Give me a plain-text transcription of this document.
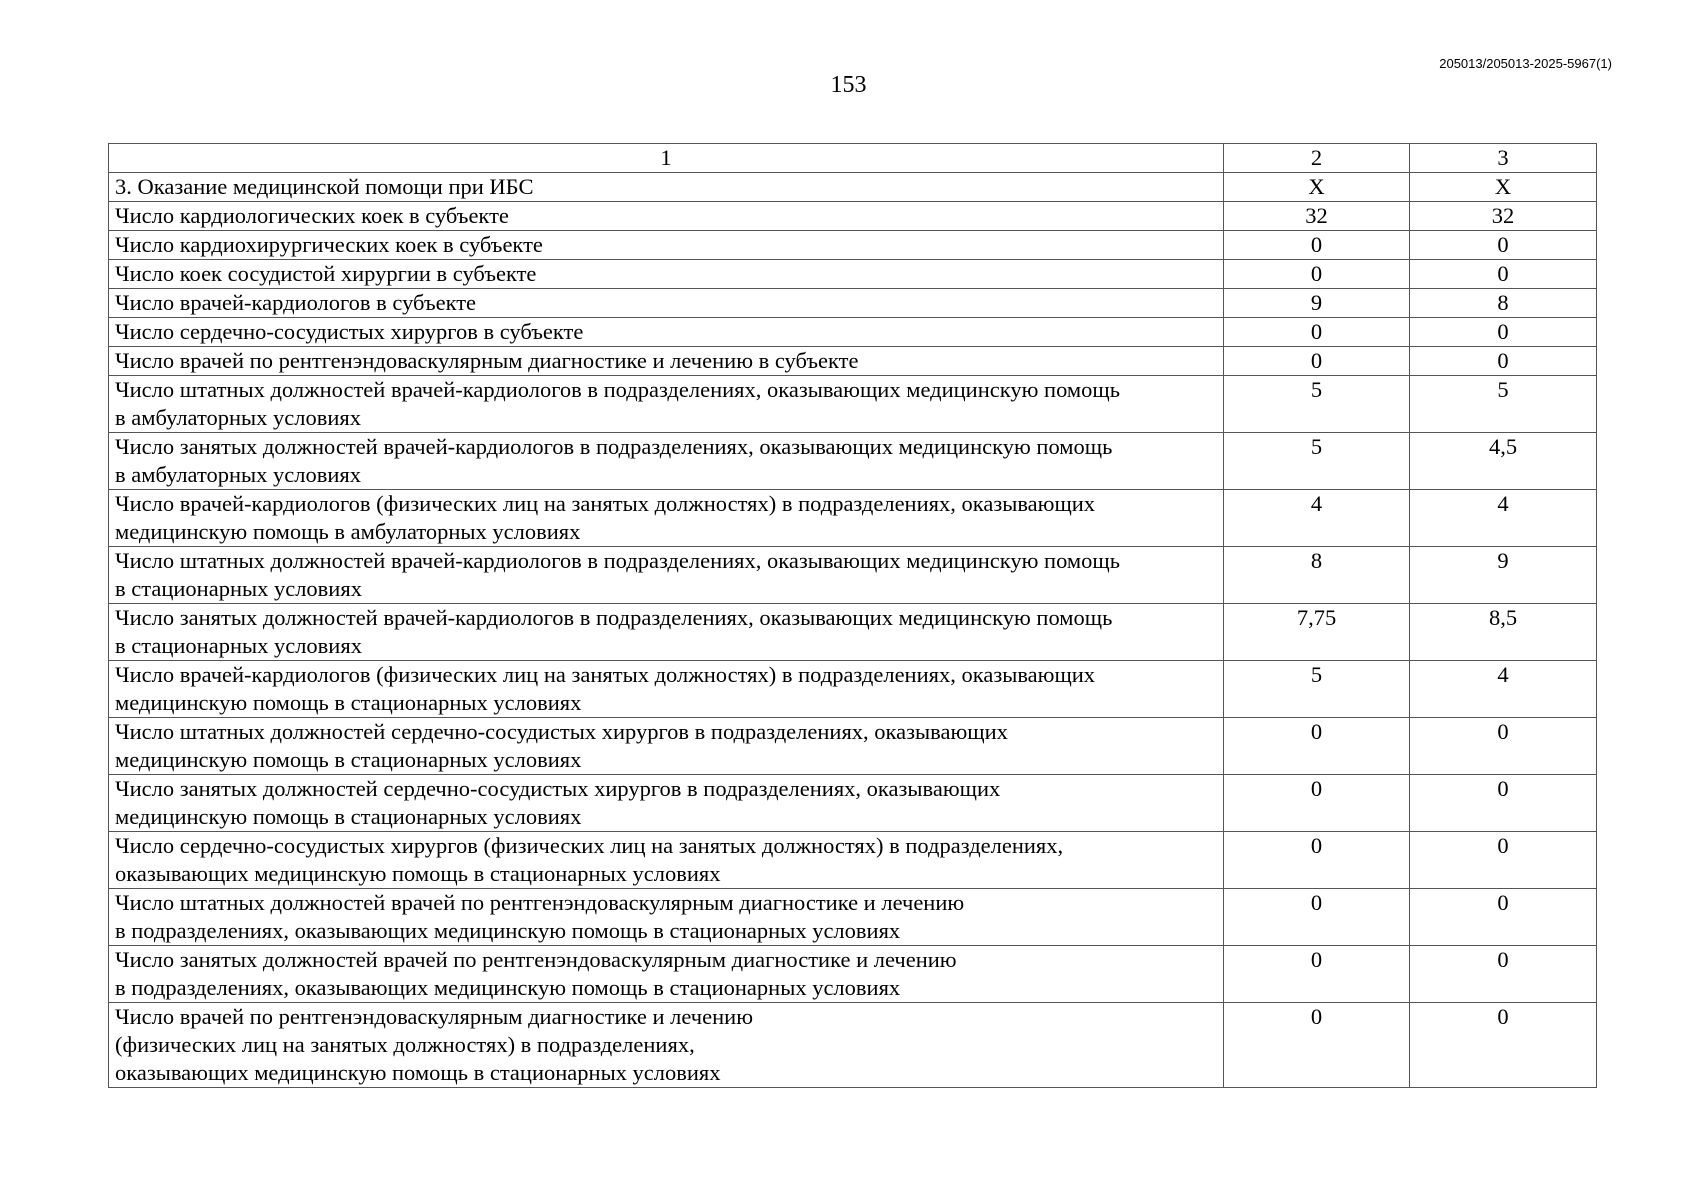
205013/205013-2025-5967(1)
153
1	2	3
3. Оказание медицинской помощи при ИБС	X	X
Число кардиологических коек в субъекте	32	32
Число кардиохирургических коек в субъекте	0	0
Число коек сосудистой хирургии в субъекте	0	0
Число врачей-кардиологов в субъекте	9	8
Число сердечно-сосудистых хирургов в субъекте	0	0
Число врачей по рентгенэндоваскулярным диагностике и лечению в субъекте	0	0
Число штатных должностей врачей-кардиологов в подразделениях, оказывающих медицинскую помощь
в амбулаторных условиях	5	5
Число занятых должностей врачей-кардиологов в подразделениях, оказывающих медицинскую помощь
в амбулаторных условиях	5	4,5
Число врачей-кардиологов (физических лиц на занятых должностях) в подразделениях, оказывающих
медицинскую помощь в амбулаторных условиях	4	4
Число штатных должностей врачей-кардиологов в подразделениях, оказывающих медицинскую помощь
в стационарных условиях	8	9
Число занятых должностей врачей-кардиологов в подразделениях, оказывающих медицинскую помощь
в стационарных условиях	7,75	8,5
Число врачей-кардиологов (физических лиц на занятых должностях) в подразделениях, оказывающих
медицинскую помощь в стационарных условиях	5	4
Число штатных должностей сердечно-сосудистых хирургов в подразделениях, оказывающих
медицинскую помощь в стационарных условиях	0	0
Число занятых должностей сердечно-сосудистых хирургов в подразделениях, оказывающих
медицинскую помощь в стационарных условиях	0	0
Число сердечно-сосудистых хирургов (физических лиц на занятых должностях) в подразделениях,
оказывающих медицинскую помощь в стационарных условиях	0	0
Число штатных должностей врачей по рентгенэндоваскулярным диагностике и лечению
в подразделениях, оказывающих медицинскую помощь в стационарных условиях	0	0
Число занятых должностей врачей по рентгенэндоваскулярным диагностике и лечению
в подразделениях, оказывающих медицинскую помощь в стационарных условиях	0	0
Число врачей по рентгенэндоваскулярным диагностике и лечению
(физических лиц на занятых должностях) в подразделениях,
оказывающих медицинскую помощь в стационарных условиях	0	0
